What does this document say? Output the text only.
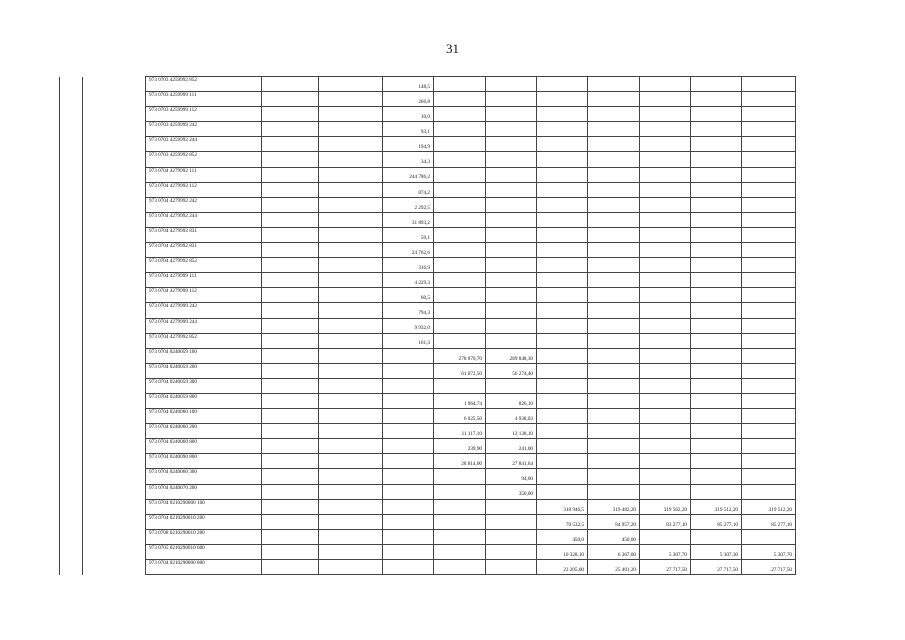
31
		973 0703 4259992 852			148,5							
		973 0703 4259999 111			266,8							
		973 0703 4259999 112			10,0							
		973 0703 4259999 242			93,1							
		973 0703 4259992 244			194,9							
		973 0703 4259992 852			34,3							
		973 0704 4279992 111			244 786,2							
		973 0704 4279992 112			874,2							
		973 0704 4279992 242			2 292,5							
		973 0704 4279992 244			31 893,2							
		973 0704 4279992 831			50,1							
		973 0704 4279992 831			24 762,6							
		973 0704 4279992 852			316,9							
		973 0704 4279999 111			4 229,3							
		973 0704 4279999 112			60,5							
		973 0704 4279999 242			794,3							
		973 0704 4279999 244			9 932,0							
		973 0704 4279992 852			161,3							
		973 0704 0240059 100				278 070,70	289 848,30					
		973 0704 0240059 200				61 072,50	56 274,40					
		973 0704 0240059 300										
		973 0704 0240059 800				1 964,74	826,10					
		973 0704 0240060 100				6 025,50	4 938,03					
		973 0704 0240060 200				11 117,10	12 138,10					
		973 0704 0240060 800				239,90	241,00					
		973 0704 0240090 800				28 814,00	27 841,64					
		973 0704 0240060 300					94,00					
		973 0704 0240070 200					350,00					
		973 0704 0210290000 100						318 946,5	319 482,20	319 562,20	319 512,20	319 512,20
		973 0704 0210290010 200						70 532,5	84 957,20	83 277,10	85 277,10	85 277,10
		973 0708 0210290010 200						450,0	450,00			
		973 0705 0210290010 600						10 328,10	6 367,00	5 307,70	5 307,30	5 307,70
		973 0704 0210290000 800						23 205,00	25 401,20	27 717,50	27 717,50	27 717,50
